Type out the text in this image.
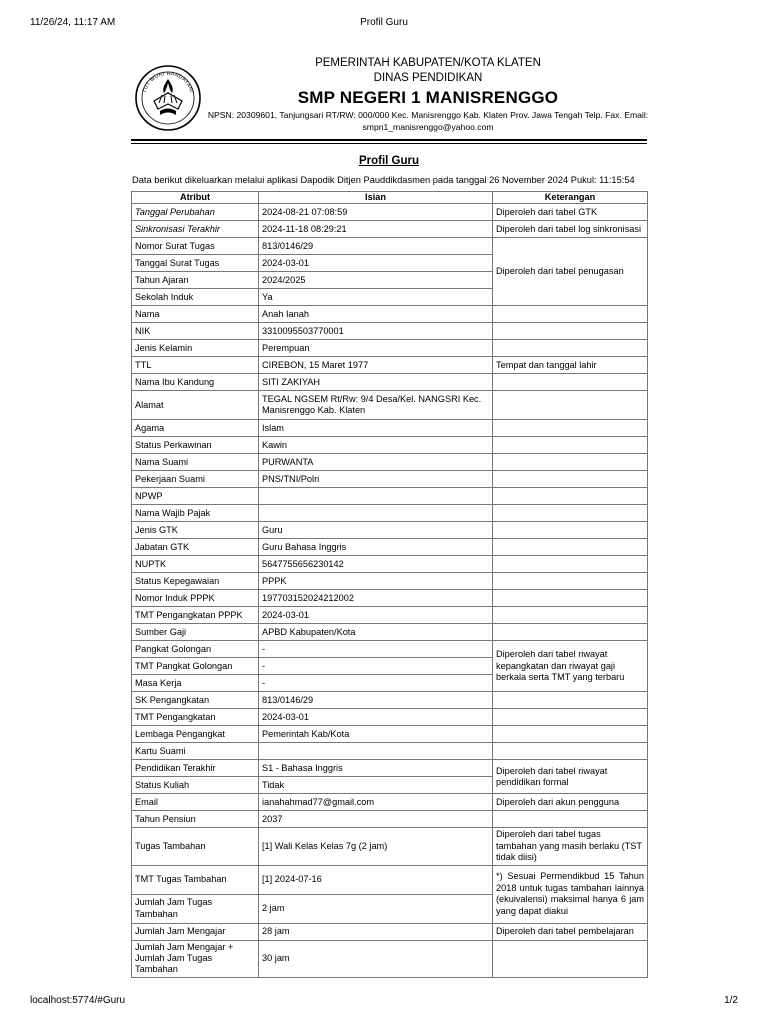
11/26/24, 11:17 AM	Profil Guru
TUT WURI HANDAYANI
PEMERINTAH KABUPATEN/KOTA KLATEN
DINAS PENDIDIKAN
SMP NEGERI 1 MANISRENGGO
NPSN: 20309601, Tanjungsari RT/RW: 000/000 Kec. Manisrenggo Kab. Klaten Prov. Jawa Tengah Telp. Fax. Email:
smpn1_manisrenggo@yahoo.com
Profil Guru
Data berikut dikeluarkan melalui aplikasi Dapodik Ditjen Pauddikdasmen pada tanggal 26 November 2024 Pukul: 11:15:54
Atribut	Isian	Keterangan
Tanggal Perubahan	2024-08-21 07:08:59	Diperoleh dari tabel GTK
Sinkronisasi Terakhir	2024-11-18 08:29:21	Diperoleh dari tabel log sinkronisasi
Nomor Surat Tugas	813/0146/29	Diperoleh dari tabel penugasan
Tanggal Surat Tugas	2024-03-01	
Tahun Ajaran	2024/2025	
Sekolah Induk	Ya	
Nama	Anah Ianah	
NIK	3310095503770001	
Jenis Kelamin	Perempuan	
TTL	CIREBON, 15 Maret 1977	Tempat dan tanggal lahir
Nama Ibu Kandung	SITI ZAKIYAH	
Alamat	TEGAL NGSEM Rt/Rw: 9/4 Desa/Kel. NANGSRI Kec. Manisrenggo Kab. Klaten	
Agama	Islam	
Status Perkawinan	Kawin	
Nama Suami	PURWANTA	
Pekerjaan Suami	PNS/TNI/Polri	
NPWP		
Nama Wajib Pajak		
Jenis GTK	Guru	
Jabatan GTK	Guru Bahasa Inggris	
NUPTK	5647755656230142	
Status Kepegawaian	PPPK	
Nomor Induk PPPK	197703152024212002	
TMT Pengangkatan PPPK	2024-03-01	
Sumber Gaji	APBD Kabupaten/Kota	
Pangkat Golongan	-	Diperoleh dari tabel riwayat kepangkatan dan riwayat gaji berkala serta TMT yang terbaru
TMT Pangkat Golongan	-	
Masa Kerja	-	
SK Pengangkatan	813/0146/29	
TMT Pengangkatan	2024-03-01	
Lembaga Pengangkat	Pemerintah Kab/Kota	
Kartu Suami		
Pendidikan Terakhir	S1 - Bahasa Inggris	Diperoleh dari tabel riwayat pendidikan formal
Status Kuliah	Tidak	
Email	ianahahmad77@gmail.com	Diperoleh dari akun pengguna
Tahun Pensiun	2037	
Tugas Tambahan	[1] Wali Kelas Kelas 7g (2 jam)	Diperoleh dari tabel tugas tambahan yang masih berlaku (TST tidak diisi)
TMT Tugas Tambahan	[1] 2024-07-16	*) Sesuai Permendikbud 15 Tahun 2018 untuk tugas tambahan lainnya (ekuivalensi) maksimal hanya 6 jam yang dapat diakui
Jumlah Jam Tugas Tambahan	2 jam	
Jumlah Jam Mengajar	28 jam	Diperoleh dari tabel pembelajaran
Jumlah Jam Mengajar + Jumlah Jam Tugas Tambahan	30 jam	
localhost:5774/#Guru	1/2
